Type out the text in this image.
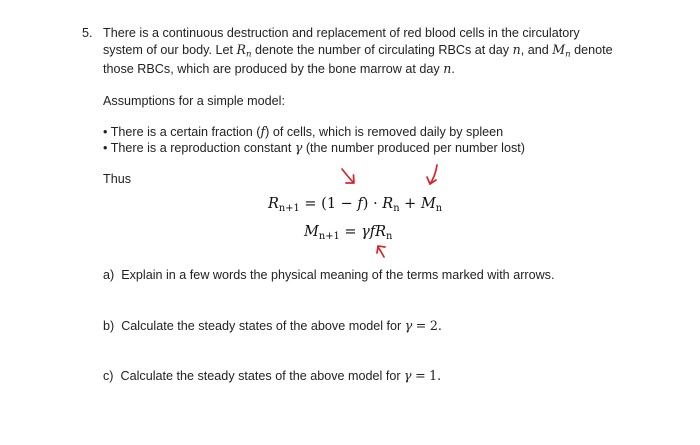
5. There is a continuous destruction and replacement of red blood cells in the circulatory
system of our body. Let $R_n$ denote the number of circulating RBCs at day n, and $M_n$ denote
those RBCs, which are produced by the bone marrow at day n.
Assumptions for a simple model:
• There is a certain fraction (f) of cells, which is removed daily by spleen
• There is a reproduction constant γ (the number produced per number lost)
Thus
$R_{n+1} = (1 - f) \cdot R_n + M_n$
$M_{n+1} = \gamma fR_n$
a) Explain in a few words the physical meaning of the terms marked with arrows.
b) Calculate the steady states of the above model for γ = 2.
c) Calculate the steady states of the above model for γ = 1.
